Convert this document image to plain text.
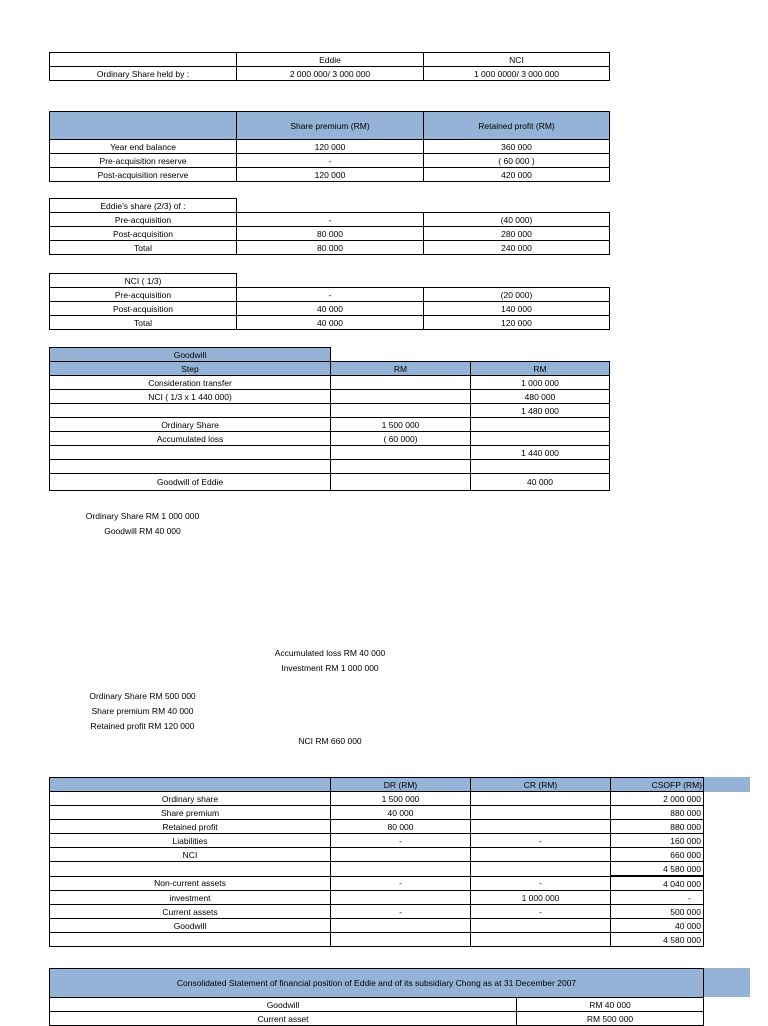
	Eddie	NCI
Ordinary Share held by :	2 000 000/ 3 000 000	1 000 0000/ 3 000 000
	Share premium (RM)	Retained profit (RM)
Year end balance	120 000	360 000
Pre-acquisition reserve	-	( 60 000 )
Post-acquisition reserve	120 000	420 000
Eddie's share (2/3) of :		
Pre-acquisition	-	(40 000)
Post-acquisition	80 000	280 000
Total	80 000	240 000
NCI ( 1/3)		
Pre-acquisition	-	(20 000)
Post-acquisition	40 000	140 000
Total	40 000	120 000
Goodwill		
Step	RM	RM
Consideration transfer		1 000 000
NCI ( 1/3 x 1 440 000)		480 000
		1 480 000
Ordinary Share	1 500 000	
Accumulated loss	( 60 000)	
		1 440 000

Goodwill of Eddie		40 000
Ordinary Share RM 1 000 000
Goodwill RM 40 000
Accumulated loss RM 40 000
Investment RM 1 000 000
Ordinary Share RM 500 000
Share premium RM 40 000
Retained profit RM 120 000
NCI RM 660 000
	DR (RM)	CR (RM)	CSOFP (RM)
Ordinary share	1 500 000		2 000 000
Share premium	40 000		880 000
Retained profit	80 000		880 000
Liabilities	-	-	160 000
NCI			660 000
			4 580 000
Non-current assets	-	-	4 040 000
investment		1 000 000	-
Current assets	-	-	500 000
Goodwill			40 000
			4 580 000
Consolidated Statement of financial position of Eddie and of its subsidiary Chong as at 31 December 2007	
Goodwill	RM 40 000
Current asset	RM 500 000
